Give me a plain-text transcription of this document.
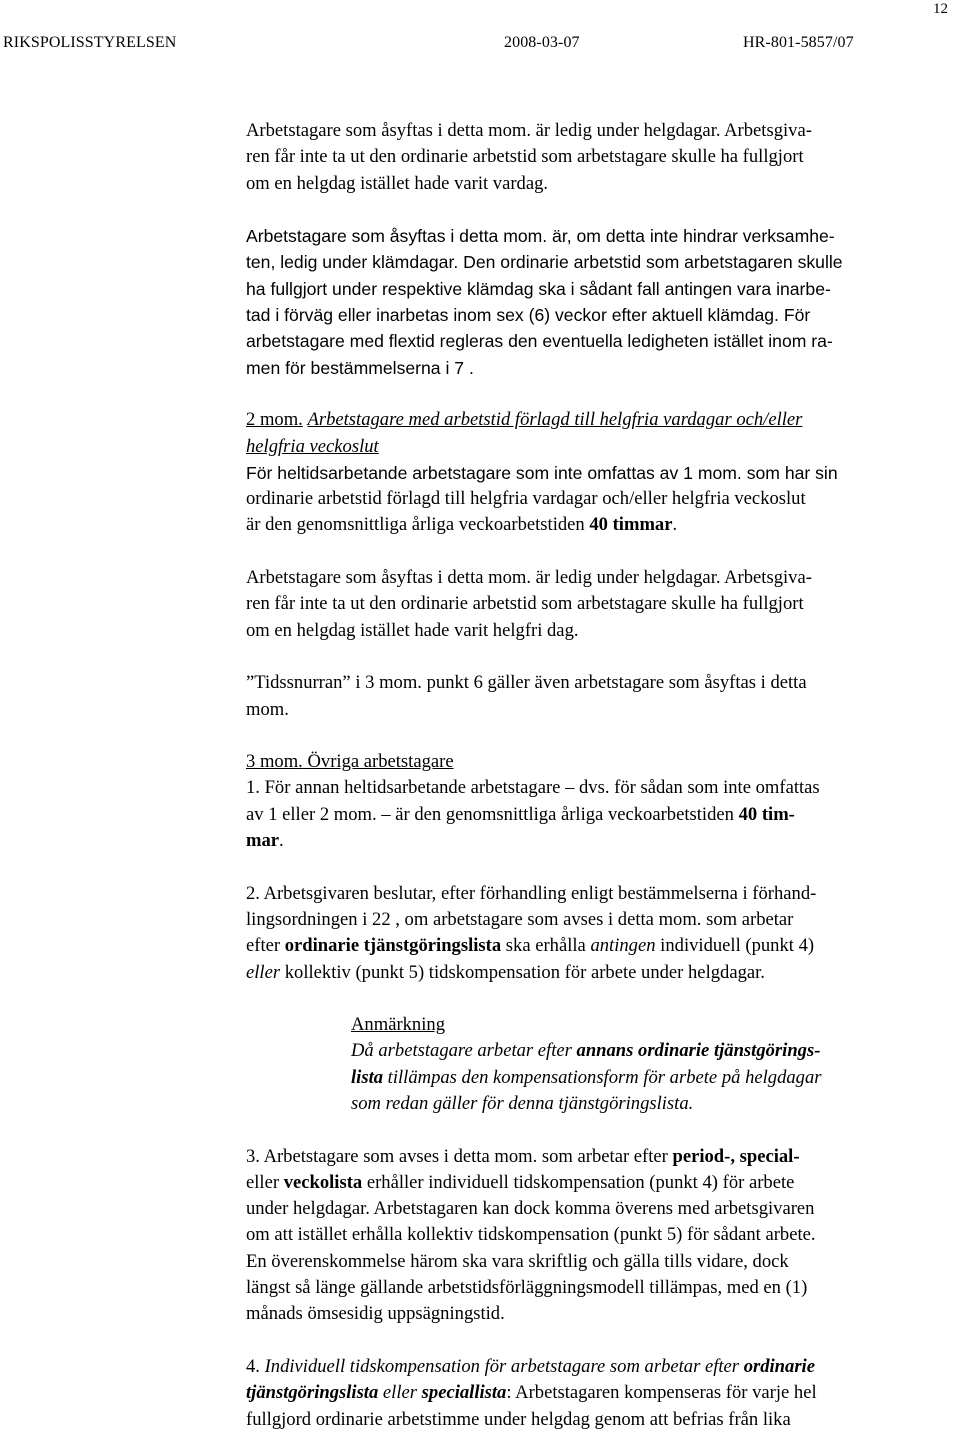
12
RIKSPOLISSTYRELSEN	2008-03-07	HR-801-5857/07
Arbetstagare som åsyftas i detta mom. är ledig under helgdagar. Arbetsgiva-
ren får inte ta ut den ordinarie arbetstid som arbetstagare skulle ha fullgjort
om en helgdag istället hade varit vardag.
Arbetstagare som åsyftas i detta mom. är, om detta inte hindrar verksamhe-
ten, ledig under klämdagar. Den ordinarie arbetstid som arbetstagaren skulle
ha fullgjort under respektive klämdag ska i sådant fall antingen vara inarbe-
tad i förväg eller inarbetas inom sex (6) veckor efter aktuell klämdag. För
arbetstagare med flextid regleras den eventuella ledigheten istället inom ra-
men för bestämmelserna i 7 .
2 mom. Arbetstagare med arbetstid förlagd till helgfria vardagar och/eller
helgfria veckoslut
För heltidsarbetande arbetstagare som inte omfattas av 1 mom. som har sin
ordinarie arbetstid förlagd till helgfria vardagar och/eller helgfria veckoslut
är den genomsnittliga årliga veckoarbetstiden 40 timmar.
Arbetstagare som åsyftas i detta mom. är ledig under helgdagar. Arbetsgiva-
ren får inte ta ut den ordinarie arbetstid som arbetstagare skulle ha fullgjort
om en helgdag istället hade varit helgfri dag.
”Tidssnurran” i 3 mom. punkt 6 gäller även arbetstagare som åsyftas i detta
mom.
3 mom. Övriga arbetstagare
1. För annan heltidsarbetande arbetstagare – dvs. för sådan som inte omfattas
av 1 eller 2 mom. – är den genomsnittliga årliga veckoarbetstiden 40 tim-
mar.
2. Arbetsgivaren beslutar, efter förhandling enligt bestämmelserna i förhand-
lingsordningen i 22 , om arbetstagare som avses i detta mom. som arbetar
efter ordinarie tjänstgöringslista ska erhålla antingen individuell (punkt 4)
eller kollektiv (punkt 5) tidskompensation för arbete under helgdagar.
Anmärkning
Då arbetstagare arbetar efter annans ordinarie tjänstgörings-
lista tillämpas den kompensationsform för arbete på helgdagar
som redan gäller för denna tjänstgöringslista.
3. Arbetstagare som avses i detta mom. som arbetar efter period-, special-
eller veckolista erhåller individuell tidskompensation (punkt 4) för arbete
under helgdagar. Arbetstagaren kan dock komma överens med arbetsgivaren
om att istället erhålla kollektiv tidskompensation (punkt 5) för sådant arbete.
En överenskommelse härom ska vara skriftlig och gälla tills vidare, dock
längst så länge gällande arbetstidsförläggningsmodell tillämpas, med en (1)
månads ömsesidig uppsägningstid.
4. Individuell tidskompensation för arbetstagare som arbetar efter ordinarie
tjänstgöringslista eller speciallista: Arbetstagaren kompenseras för varje hel
fullgjord ordinarie arbetstimme under helgdag genom att befrias från lika
